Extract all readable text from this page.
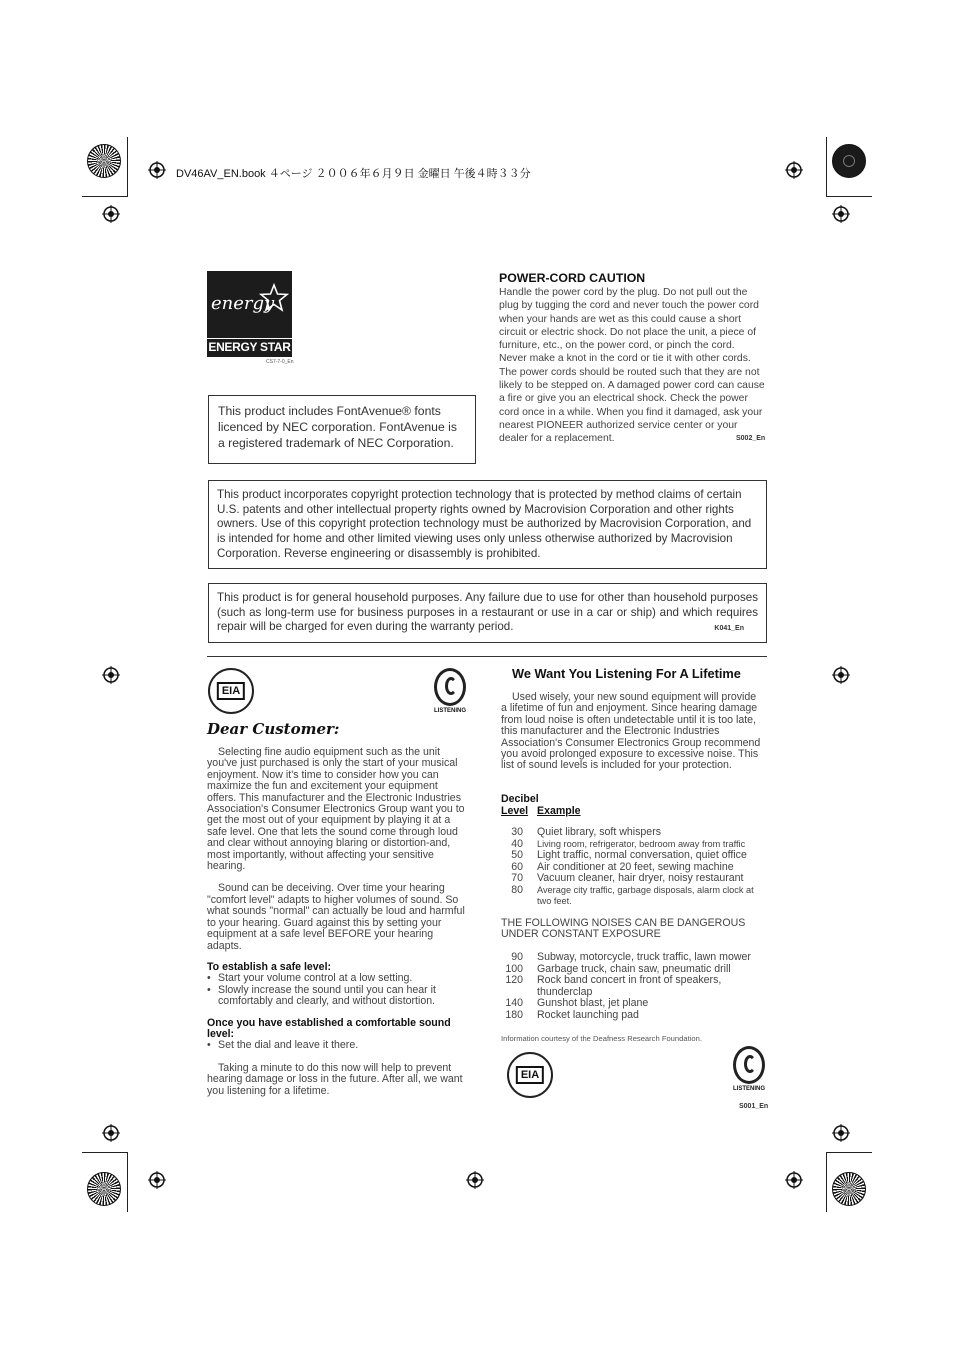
DV46AV_EN.book ４ページ ２００６年６月９日 金曜日 午後４時３３分
energy
ENERGY STAR
CS7-7-0_En

This product includes FontAvenue® fonts licenced by NEC corporation. FontAvenue is a registered trademark of NEC Corporation.

POWER-CORD CAUTION

Handle the power cord by the plug. Do not pull out the plug by tugging the cord and never touch the power cord when your hands are wet as this could cause a short circuit or electric shock. Do not place the unit, a piece of furniture, etc., on the power cord, or pinch the cord. Never make a knot in the cord or tie it with other cords. The power cords should be routed such that they are not likely to be stepped on. A damaged power cord can cause a fire or give you an electrical shock. Check the power cord once in a while. When you find it damaged, ask your nearest PIONEER authorized service center or your dealer for a replacement.	S002_En

This product incorporates copyright protection technology that is protected by method claims of certain U.S. patents and other intellectual property rights owned by Macrovision Corporation and other rights owners. Use of this copyright protection technology must be authorized by Macrovision Corporation, and is intended for home and other limited viewing uses only unless otherwise authorized by Macrovision Corporation. Reverse engineering or disassembly is prohibited.

This product is for general household purposes. Any failure due to use for other than household purposes (such as long-term use for business purposes in a restaurant or use in a car or ship) and which requires repair will be charged for even during the warranty period.	K041_En
EIA
LISTENING
Dear Customer:

Selecting fine audio equipment such as the unit you've just purchased is only the start of your musical enjoyment. Now it's time to consider how you can maximize the fun and excitement your equipment offers. This manufacturer and the Electronic Industries Association's Consumer Electronics Group want you to get the most out of your equipment by playing it at a safe level. One that lets the sound come through loud and clear without annoying blaring or distortion-and, most importantly, without affecting your sensitive hearing.

Sound can be deceiving. Over time your hearing "comfort level" adapts to higher volumes of sound. So what sounds "normal" can actually be loud and harmful to your hearing. Guard against this by setting your equipment at a safe level BEFORE your hearing adapts.

To establish a safe level:

• Start your volume control at a low setting.
• Slowly increase the sound until you can hear it comfortably and clearly, and without distortion.

Once you have established a comfortable sound level:

• Set the dial and leave it there.

Taking a minute to do this now will help to prevent hearing damage or loss in the future. After all, we want you listening for a lifetime.

We Want You Listening For A Lifetime

Used wisely, your new sound equipment will provide a lifetime of fun and enjoyment. Since hearing damage from loud noise is often undetectable until it is too late, this manufacturer and the Electronic Industries Association's Consumer Electronics Group recommend you avoid prolonged exposure to excessive noise. This list of sound levels is included for your protection.

Decibel
Level Example
30 Quiet library, soft whispers
40 Living room, refrigerator, bedroom away from traffic
50 Light traffic, normal conversation, quiet office
60 Air conditioner at 20 feet, sewing machine
70 Vacuum cleaner, hair dryer, noisy restaurant
80 Average city traffic, garbage disposals, alarm clock at two feet.

THE FOLLOWING NOISES CAN BE DANGEROUS UNDER CONSTANT EXPOSURE

90 Subway, motorcycle, truck traffic, lawn mower
100 Garbage truck, chain saw, pneumatic drill
120 Rock band concert in front of speakers, thunderclap
140 Gunshot blast, jet plane
180 Rocket launching pad
Information courtesy of the Deafness Research Foundation.
EIA
LISTENING
S001_En
